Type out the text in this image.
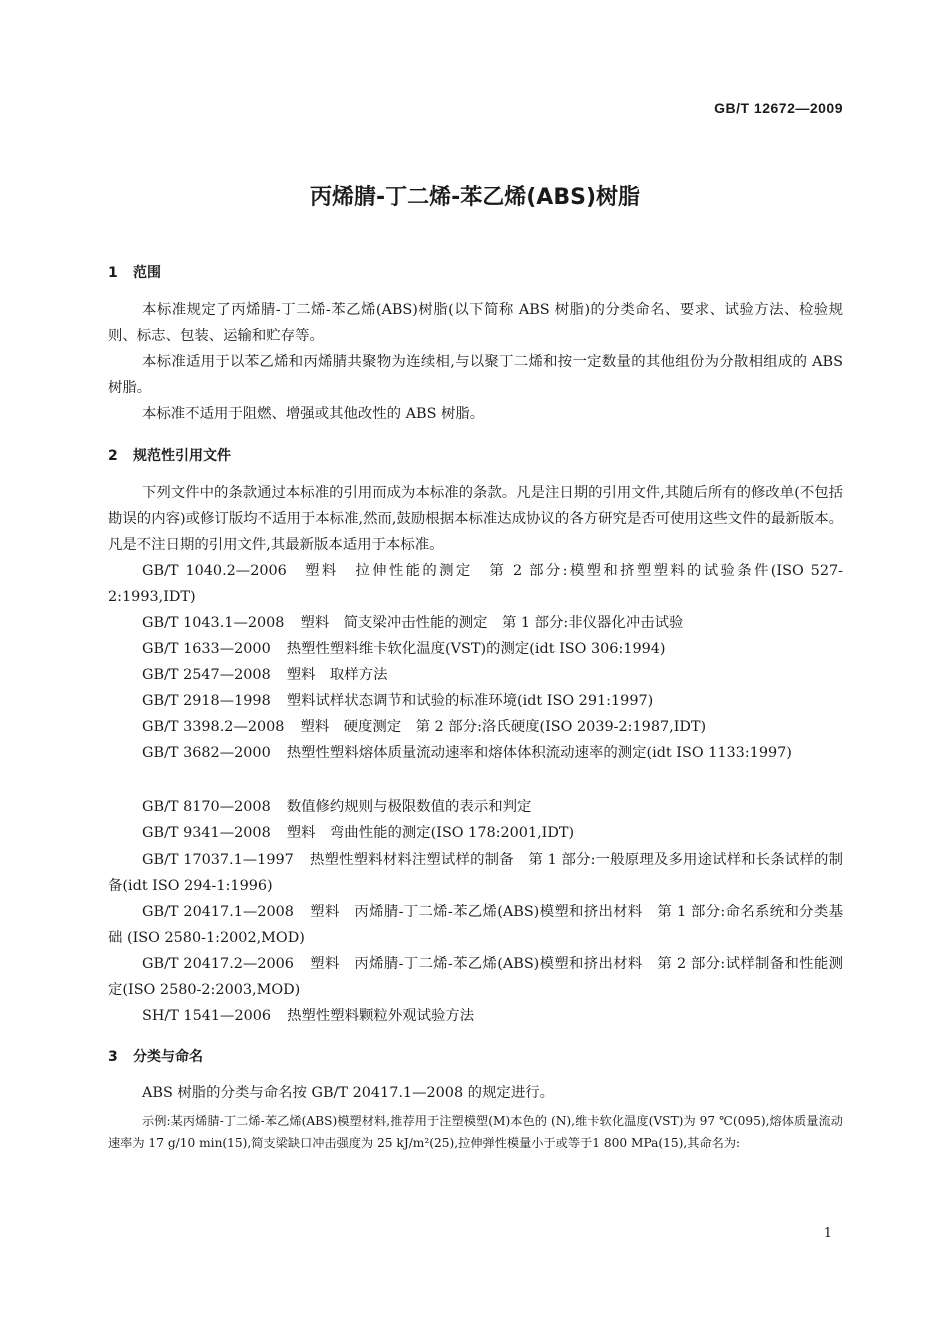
GB/T 12672—2009
丙烯腈-丁二烯-苯乙烯(ABS)树脂
1 范围

本标准规定了丙烯腈-丁二烯-苯乙烯(ABS)树脂(以下简称 ABS 树脂)的分类命名、要求、试验方法、检验规则、标志、包装、运输和贮存等。

本标准适用于以苯乙烯和丙烯腈共聚物为连续相,与以聚丁二烯和按一定数量的其他组份为分散相组成的 ABS 树脂。

本标准不适用于阻燃、增强或其他改性的 ABS 树脂。

2 规范性引用文件

下列文件中的条款通过本标准的引用而成为本标准的条款。凡是注日期的引用文件,其随后所有的修改单(不包括勘误的内容)或修订版均不适用于本标准,然而,鼓励根据本标准达成协议的各方研究是否可使用这些文件的最新版本。凡是不注日期的引用文件,其最新版本适用于本标准。

GB/T 1040.2—2006 塑料　拉伸性能的测定　第 2 部分:模塑和挤塑塑料的试验条件(ISO 527-2:1993,IDT)

GB/T 1043.1—2008 塑料　简支梁冲击性能的测定　第 1 部分:非仪器化冲击试验

GB/T 1633—2000 热塑性塑料维卡软化温度(VST)的测定(idt ISO 306:1994)

GB/T 2547—2008 塑料　取样方法

GB/T 2918—1998 塑料试样状态调节和试验的标准环境(idt ISO 291:1997)

GB/T 3398.2—2008 塑料　硬度测定　第 2 部分:洛氏硬度(ISO 2039-2:1987,IDT)

GB/T 3682—2000 热塑性塑料熔体质量流动速率和熔体体积流动速率的测定(idt ISO 1133:1997)

GB/T 8170—2008 数值修约规则与极限数值的表示和判定

GB/T 9341—2008 塑料　弯曲性能的测定(ISO 178:2001,IDT)

GB/T 17037.1—1997 热塑性塑料材料注塑试样的制备　第 1 部分:一般原理及多用途试样和长条试样的制备(idt ISO 294-1:1996)

GB/T 20417.1—2008 塑料　丙烯腈-丁二烯-苯乙烯(ABS)模塑和挤出材料　第 1 部分:命名系统和分类基础 (ISO 2580-1:2002,MOD)

GB/T 20417.2—2006 塑料　丙烯腈-丁二烯-苯乙烯(ABS)模塑和挤出材料　第 2 部分:试样制备和性能测定(ISO 2580-2:2003,MOD)

SH/T 1541—2006 热塑性塑料颗粒外观试验方法

3 分类与命名

ABS 树脂的分类与命名按 GB/T 20417.1—2008 的规定进行。

示例:某丙烯腈-丁二烯-苯乙烯(ABS)模塑材料,推荐用于注塑模塑(M)本色的 (N),维卡软化温度(VST)为 97 ℃(095),熔体质量流动速率为 17 g/10 min(15),简支梁缺口冲击强度为 25 kJ/m²(25),拉伸弹性模量小于或等于1 800 MPa(15),其命名为:

1
